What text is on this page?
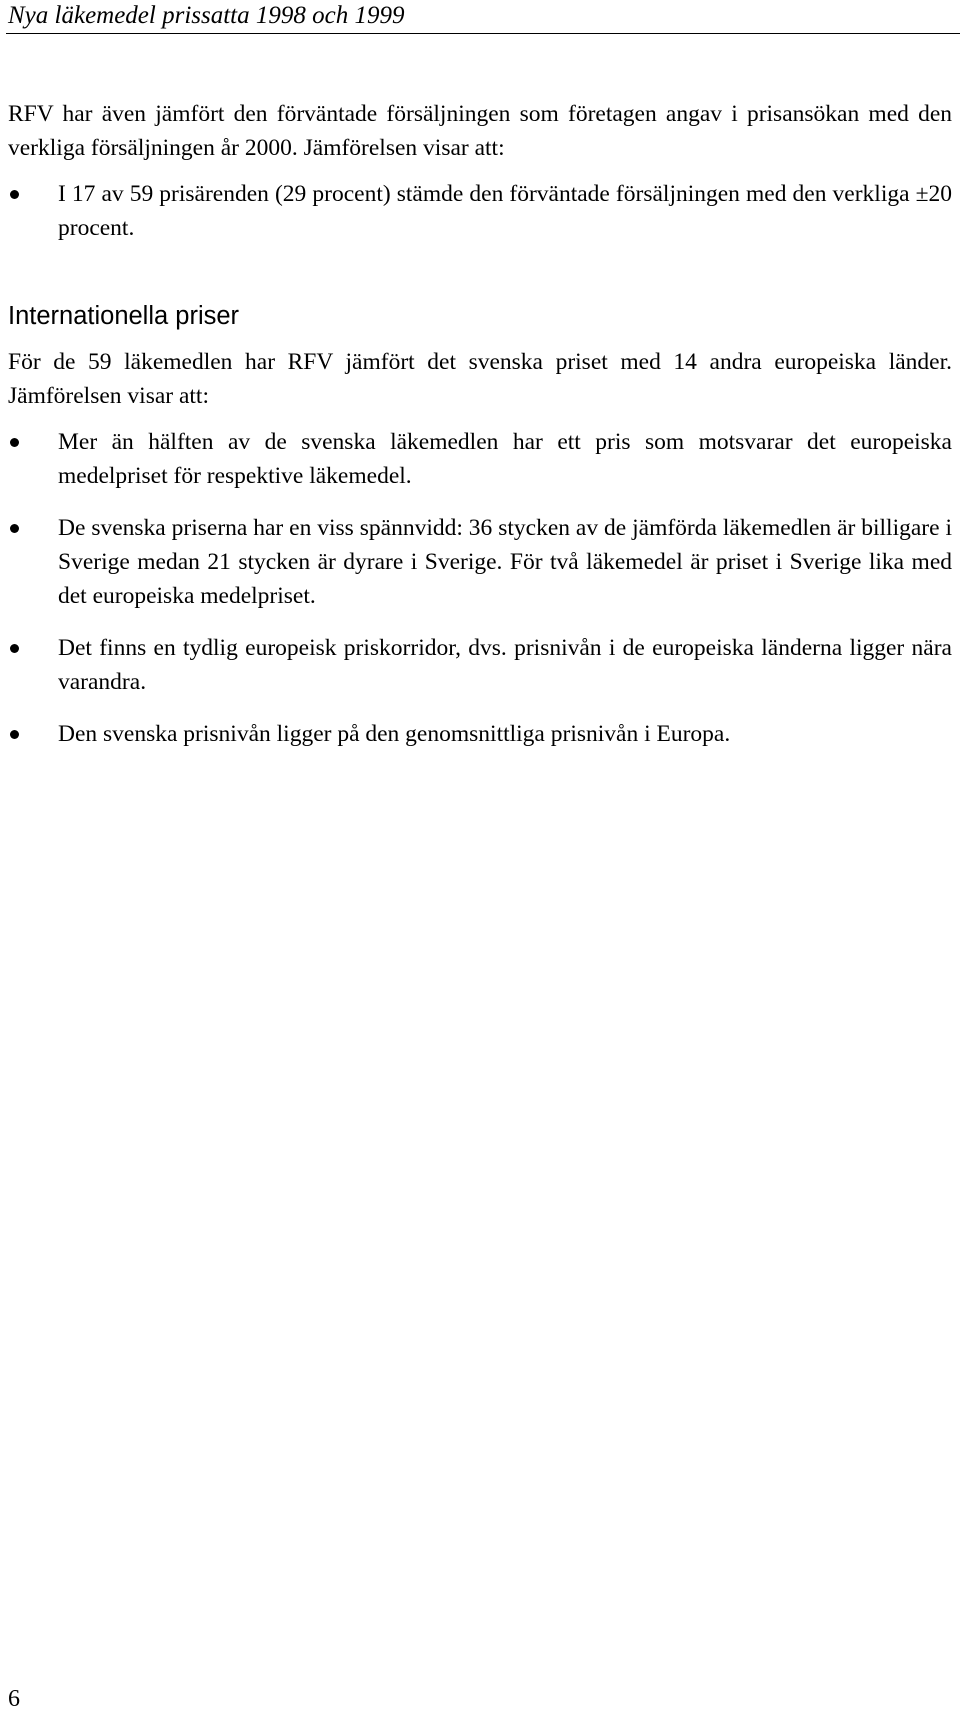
Nya läkemedel prissatta 1998 och 1999

RFV har även jämfört den förväntade försäljningen som företagen angav i prisansökan med den verkliga försäljningen år 2000. Jämförelsen visar att:

I 17 av 59 prisärenden (29 procent) stämde den förväntade försäljningen med den verkliga ±20 procent.
Internationella priser

För de 59 läkemedlen har RFV jämfört det svenska priset med 14 andra europeiska länder. Jämförelsen visar att:

Mer än hälften av de svenska läkemedlen har ett pris som motsvarar det europeiska medelpriset för respektive läkemedel.
De svenska priserna har en viss spännvidd: 36 stycken av de jämförda läkemedlen är billigare i Sverige medan 21 stycken är dyrare i Sverige. För två läkemedel är priset i Sverige lika med det europeiska medelpriset.
Det finns en tydlig europeisk priskorridor, dvs. prisnivån i de europeiska länderna ligger nära varandra.
Den svenska prisnivån ligger på den genomsnittliga prisnivån i Europa.
6
